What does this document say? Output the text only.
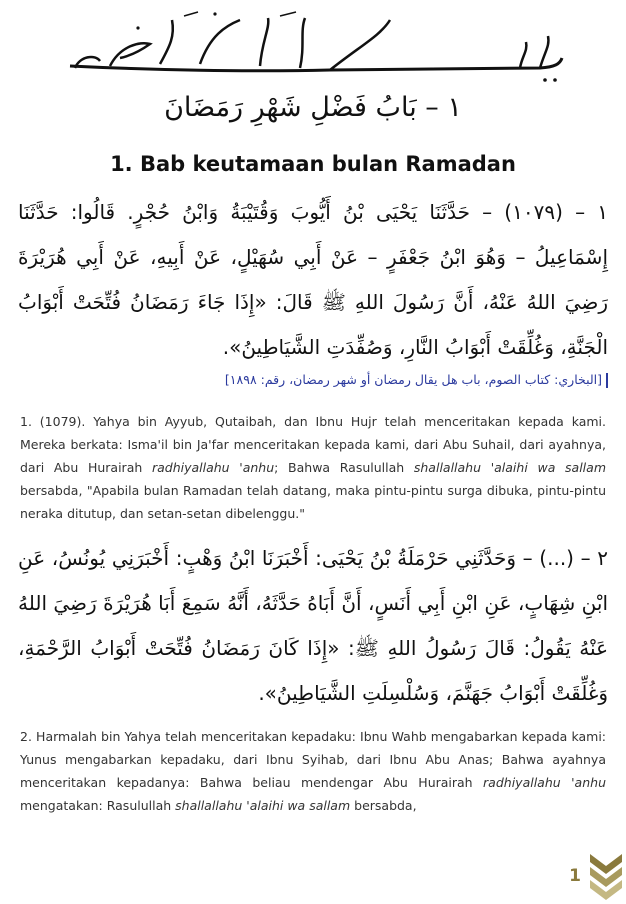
١ – بَابُ فَضْلِ شَهْرِ رَمَضَانَ
1. Bab keutamaan bulan Ramadan
١ – (١٠٧٩) – حَدَّثَنَا يَحْيَى بْنُ أَيُّوبَ وَقُتَيْبَةُ وَابْنُ حُجْرٍ. قَالُوا: حَدَّثَنَا إِسْمَاعِيلُ – وَهُوَ ابْنُ جَعْفَرٍ – عَنْ أَبِي سُهَيْلٍ، عَنْ أَبِيهِ، عَنْ أَبِي هُرَيْرَةَ رَضِيَ اللهُ عَنْهُ، أَنَّ رَسُولَ اللهِ ﷺ قَالَ: «إِذَا جَاءَ رَمَضَانُ فُتِّحَتْ أَبْوَابُ الْجَنَّةِ، وَغُلِّقَتْ أَبْوَابُ النَّارِ، وَصُفِّدَتِ الشَّيَاطِينُ».
[البخاري: كتاب الصوم، باب هل يقال رمضان أو شهر رمضان، رقم: ١٨٩٨]
1. (1079). Yahya bin Ayyub, Qutaibah, dan Ibnu Hujr telah menceritakan kepada kami. Mereka berkata: Isma'il bin Ja'far menceritakan kepada kami, dari Abu Suhail, dari ayahnya, dari Abu Hurairah radhiyallahu 'anhu; Bahwa Rasulullah shallallahu 'alaihi wa sallam bersabda, "Apabila bulan Ramadan telah datang, maka pintu-pintu surga dibuka, pintu-pintu neraka ditutup, dan setan-setan dibelenggu."
٢ – (...) – وَحَدَّثَنِي حَرْمَلَةُ بْنُ يَحْيَى: أَخْبَرَنَا ابْنُ وَهْبٍ: أَخْبَرَنِي يُونُسُ، عَنِ ابْنِ شِهَابٍ، عَنِ ابْنِ أَبِي أَنَسٍ، أَنَّ أَبَاهُ حَدَّثَهُ، أَنَّهُ سَمِعَ أَبَا هُرَيْرَةَ رَضِيَ اللهُ عَنْهُ يَقُولُ: قَالَ رَسُولُ اللهِ ﷺ: «إِذَا كَانَ رَمَضَانُ فُتِّحَتْ أَبْوَابُ الرَّحْمَةِ، وَغُلِّقَتْ أَبْوَابُ جَهَنَّمَ، وَسُلْسِلَتِ الشَّيَاطِينُ».
2. Harmalah bin Yahya telah menceritakan kepadaku: Ibnu Wahb mengabarkan kepada kami: Yunus mengabarkan kepadaku, dari Ibnu Syihab, dari Ibnu Abu Anas; Bahwa ayahnya menceritakan kepadanya: Bahwa beliau mendengar Abu Hurairah radhiyallahu 'anhu mengatakan: Rasulullah shallallahu 'alaihi wa sallam bersabda,
1
